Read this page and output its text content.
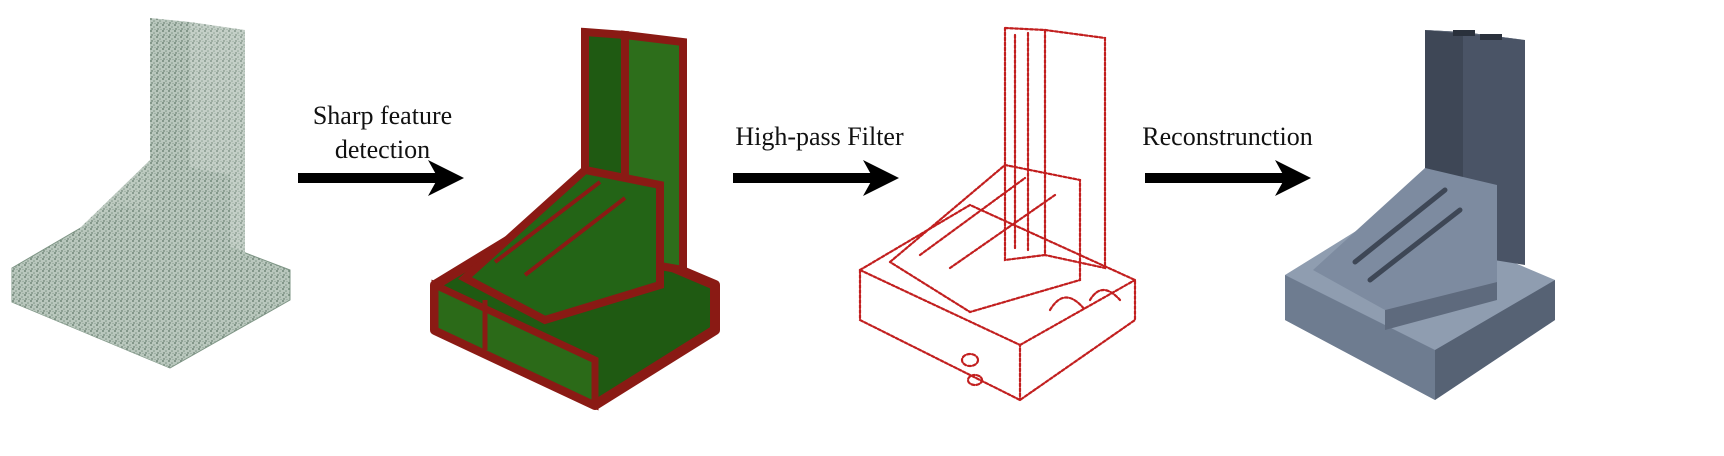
Sharp feature
detection	High-pass Filter	Reconstrunction
